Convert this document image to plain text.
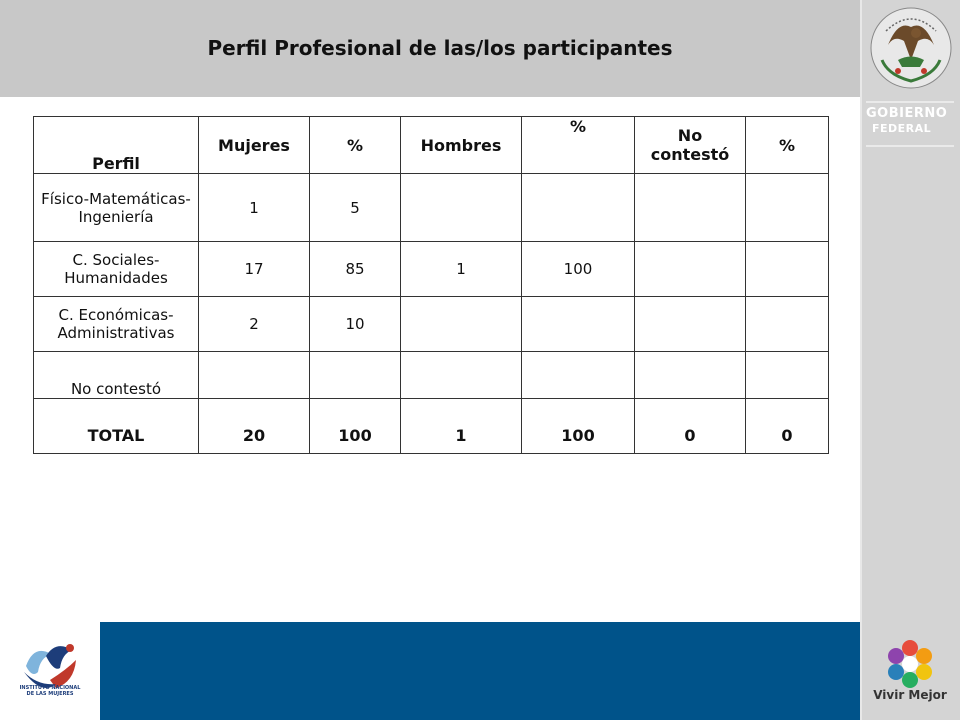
Perfil Profesional de las/los participantes
GOBIERNO
FEDERAL
INSTITUTO NACIONAL DE LAS MUJERES	Vivir Mejor
Perfil	Mujeres	%	Hombres	%	No contestó	%
Físico-Matemáticas-Ingeniería	1	5				
C. Sociales-Humanidades	17	85	1	100		
C. Económicas-Administrativas	2	10				
No contestó						
TOTAL	20	100	1	100	0	0
